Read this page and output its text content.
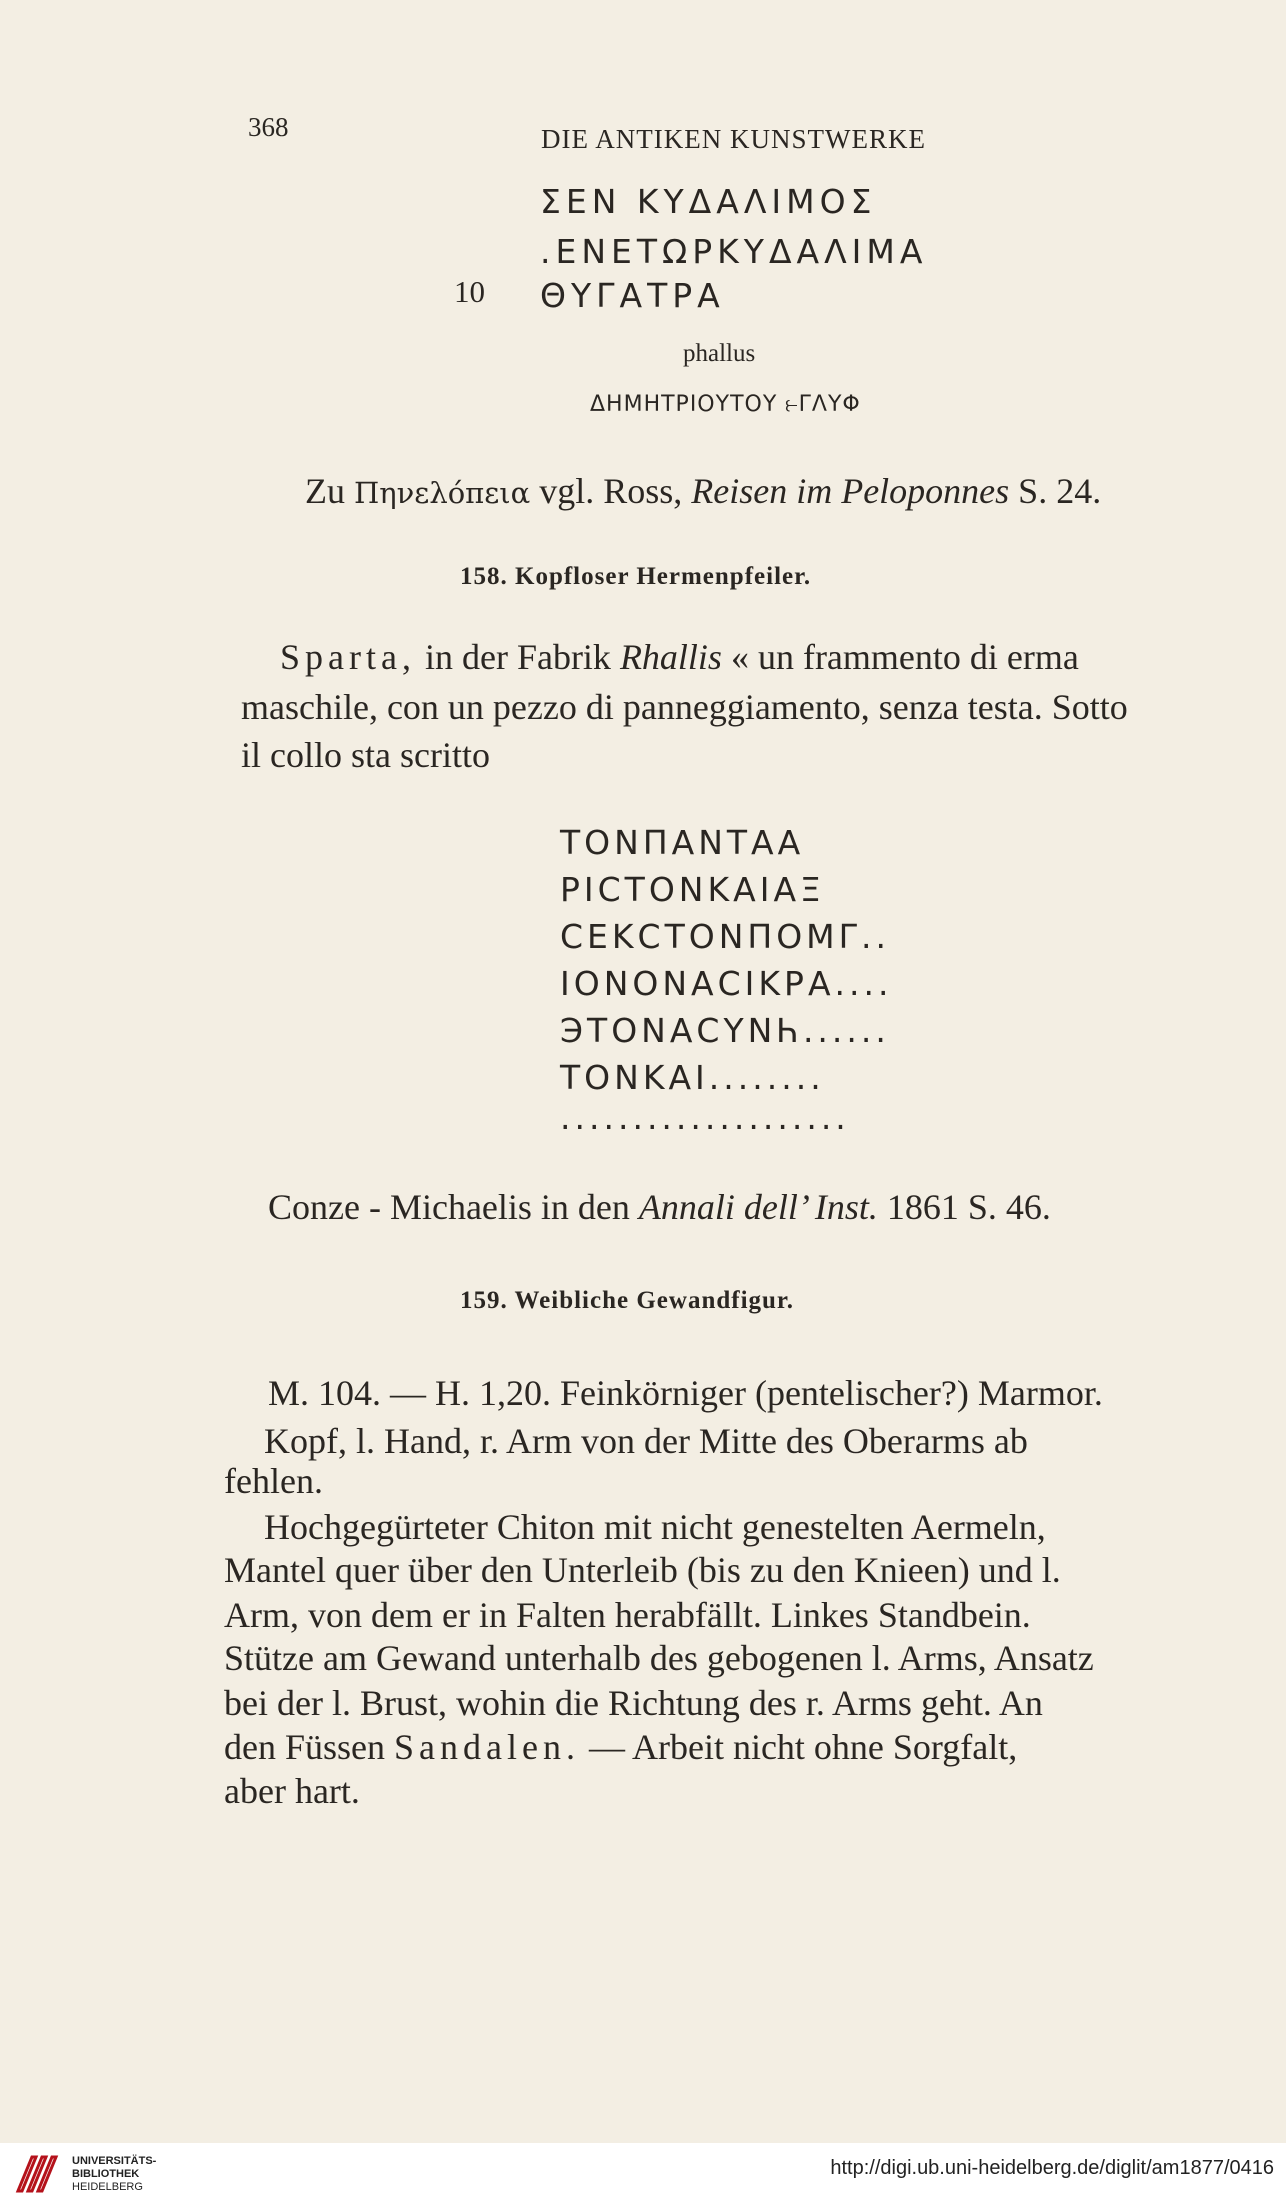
368	DIE ANTIKEN KUNSTWERKE
ΣΕΝ ΚΥΔΑΛΙΜΟΣ
.ΕΝΕΤΩΡΚΥΔΑΛΙΜΑ
10 ΘΥΓΑΤΡΑ
phallus
ΔΗΜΗΤΡΙΟΥΤΟΥ ⥼ΓΛΥΦ
Zu Πηνελόπεια vgl. Ross, Reisen im Peloponnes S. 24.
158. Kopfloser Hermenpfeiler.
Sparta, in der Fabrik Rhallis « un frammento di erma
maschile, con un pezzo di panneggiamento, senza testa. Sotto
il collo sta scritto
ΤΟΝΠΑΝΤΑΑ
ΡΙϹΤΟΝΚΑΙΑΞ
ϹΕΚϹΤΟΝΠΟΜΓ..
ΙΟΝΟΝΑϹΙΚΡΑ....
ЭΤΟΝΑϹΥΝҺ......
ΤΟΝΚΑΙ........
....................
Conze - Michaelis in den Annali dell’ Inst. 1861 S. 46.
159. Weibliche Gewandfigur.
M. 104. — H. 1,20. Feinkörniger (pentelischer?) Marmor.
Kopf, l. Hand, r. Arm von der Mitte des Oberarms ab
fehlen.
Hochgegürteter Chiton mit nicht genestelten Aermeln,
Mantel quer über den Unterleib (bis zu den Knieen) und l.
Arm, von dem er in Falten herabfällt. Linkes Standbein.
Stütze am Gewand unterhalb des gebogenen l. Arms, Ansatz
bei der l. Brust, wohin die Richtung des r. Arms geht. An
den Füssen Sandalen. — Arbeit nicht ohne Sorgfalt,
aber hart.
UNIVERSITÄTS-
BIBLIOTHEK
HEIDELBERG
http://digi.ub.uni-heidelberg.de/diglit/am1877/0416
